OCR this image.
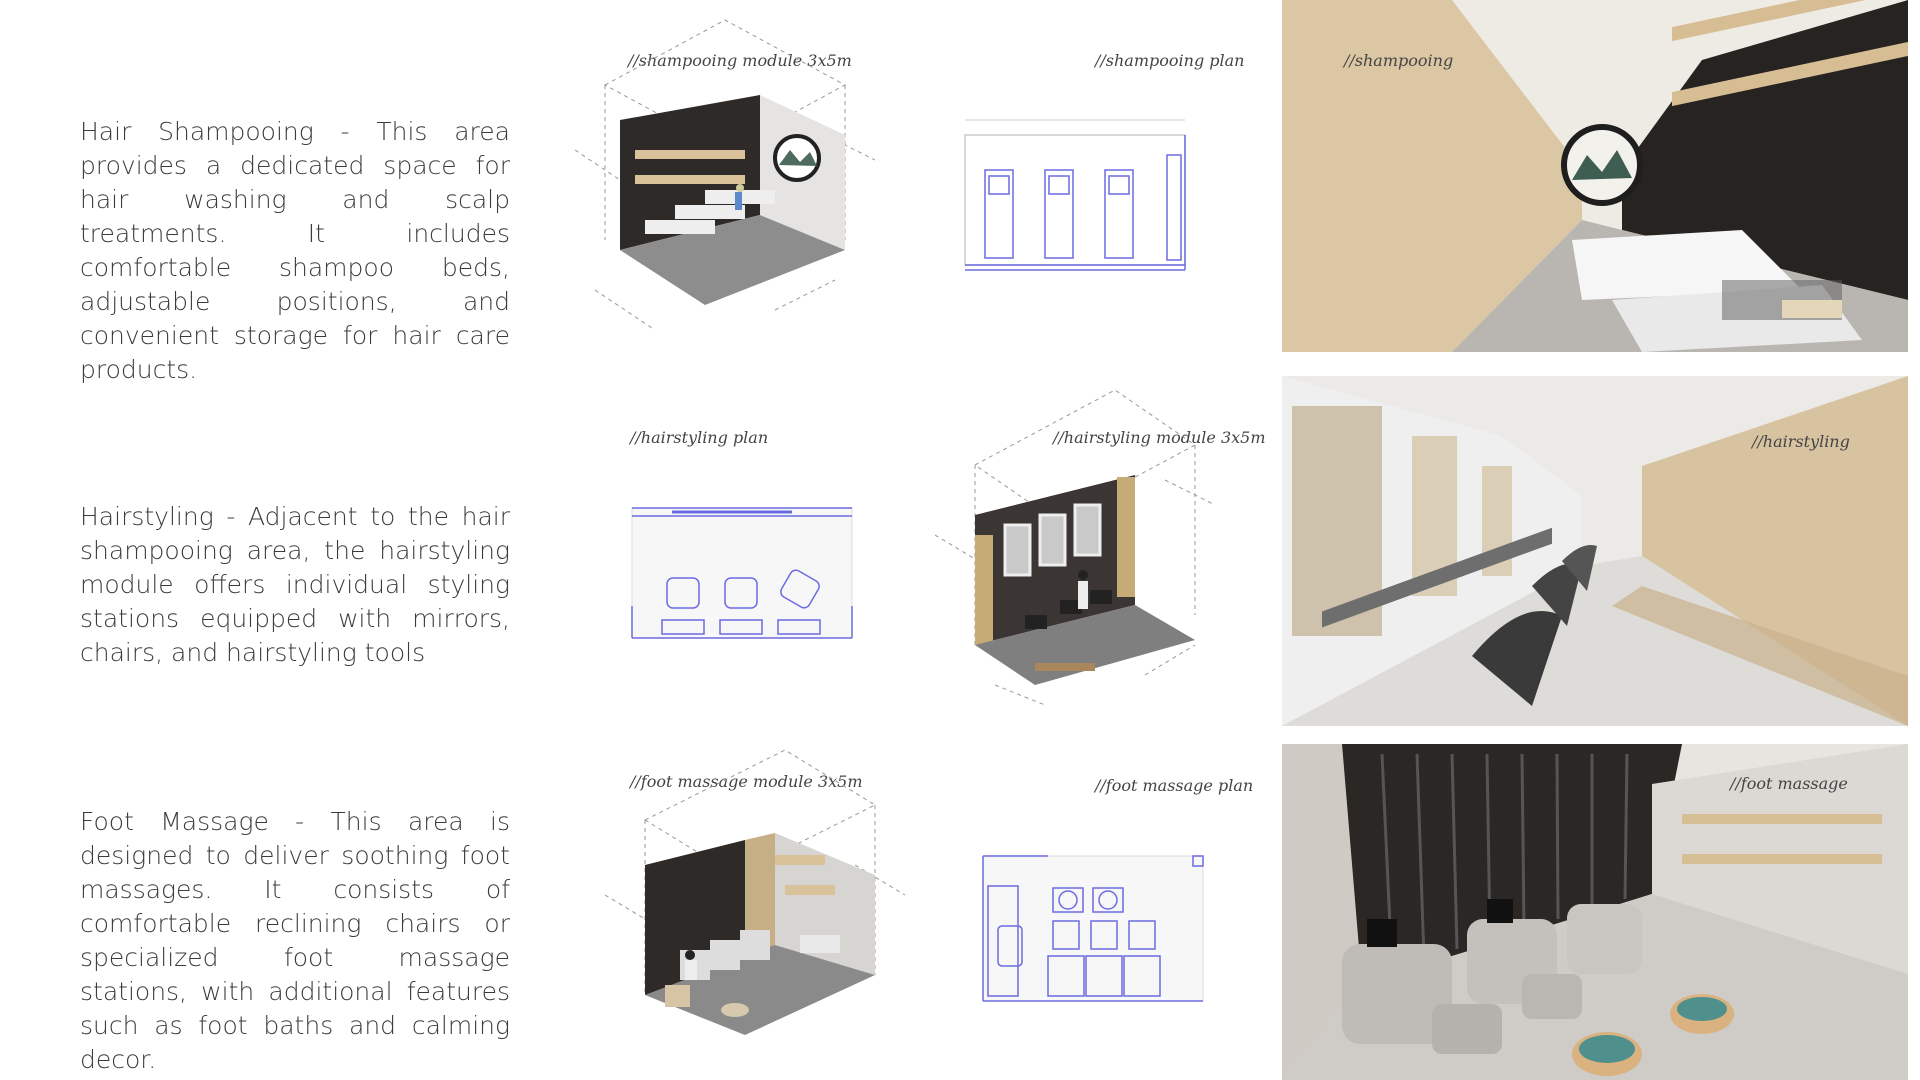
Hair Shampooing - This area provides a dedicated space for hair washing and scalp treatments. It includes comfortable shampoo beds, adjustable positions, and convenient storage for hair care products.
//shampooing module 3x5m	//shampooing plan	//shampooing
Hairstyling - Adjacent to the hair shampooing area, the hairstyling module offers individual styling stations equipped with mirrors, chairs, and hairstyling tools
//hairstyling plan	//hairstyling module 3x5m	//hairstyling
Foot Massage - This area is designed to deliver soothing foot massages. It consists of comfortable reclining chairs or specialized foot massage stations, with additional features such as foot baths and calming decor.
//foot massage module 3x5m	//foot massage plan	//foot massage
